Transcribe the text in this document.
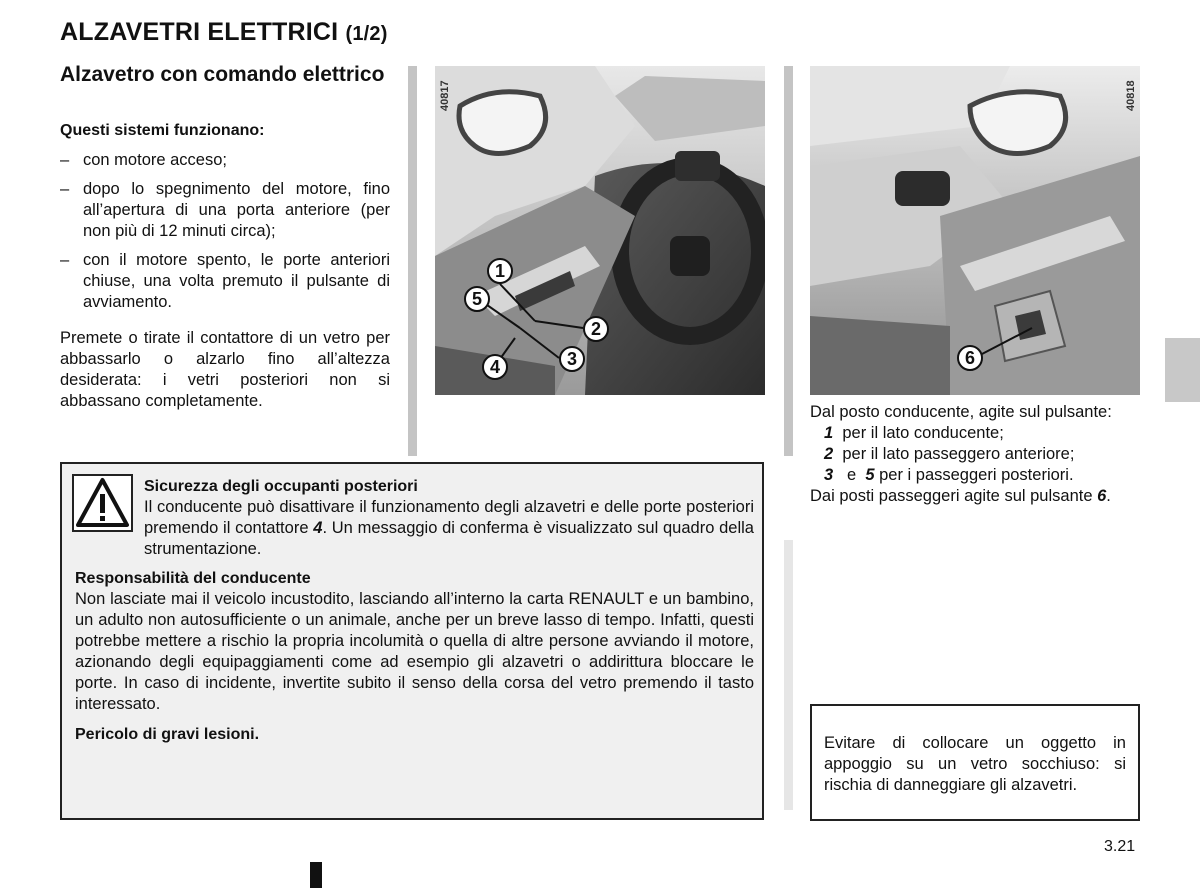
ALZAVETRI ELETTRICI (1/2)
Alzavetro con comando elettrico
Questi sistemi funzionano:
– con motore acceso;
– dopo lo spegnimento del motore, fino all’apertura di una porta anteriore (per non più di 12 minuti circa);
– con il motore spento, le porte anteriori chiuse, una volta premuto il pulsante di avviamento.

Premete o tirate il contattore di un vetro per abbassarlo o alzarlo fino all’altezza desiderata: i vetri posteriori non si abbassano completamente.

40817
1
2
3
4
5
40818
6
Dal posto conducente, agite sul pulsante:
1 per il lato conducente;
2 per il lato passeggero anteriore;
3 e 5 per i passeggeri posteriori.
Dai posti passeggeri agite sul pulsante 6.
Sicurezza degli occupanti posteriori
Il conducente può disattivare il funzionamento degli alzavetri e delle porte posteriori premendo il contattore 4. Un messaggio di conferma è visualizzato sul quadro della strumentazione.
Responsabilità del conducente
Non lasciate mai il veicolo incustodito, lasciando all’interno la carta RENAULT e un bambino, un adulto non autosufficiente o un animale, anche per un breve lasso di tempo. Infatti, questi potrebbe mettere a rischio la propria incolumità o quella di altre persone avviando il motore, azionando degli equipaggiamenti come ad esempio gli alzavetri o addirittura bloccare le porte. In caso di incidente, invertite subito il senso della corsa del vetro premendo il tasto interessato.
Pericolo di gravi lesioni.	Evitare di collocare un oggetto in appoggio su un vetro socchiuso: si rischia di danneggiare gli alzavetri.
3.21
